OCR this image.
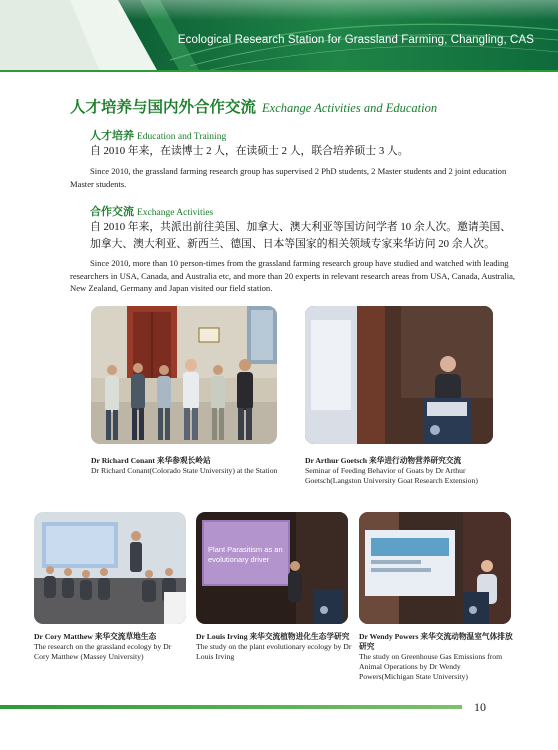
Ecological Research Station for Grassland Farming, Changling, CAS
人才培养与国内外合作交流 Exchange Activities and Education
人才培养 Education and Training
自 2010 年来，在读博士 2 人，在读硕士 2 人，联合培养硕士 3 人。
Since 2010, the grassland farming research group has supervised 2 PhD students, 2 Master students and 2 joint education Master students.
合作交流 Exchange Activities
自 2010 年来，共派出前往美国、加拿大、澳大利亚等国访问学者 10 余人次。邀请美国、加拿大、澳大利亚、新西兰、德国、日本等国家的相关领域专家来华访问 20 余人次。
Since 2010, more than 10 person-times from the grassland farming research group have studied and watched with leading researchers in USA, Canada, and Australia etc, and more than 20 experts in relevant research areas from USA, Canada, Australia, New Zealand, Germany and Japan visited our field station.
Dr Richard Conant 来华参观长岭站
Dr Richard Conant(Colorado State University) at the Station
Dr Arthur Goetsch 来华进行动物营养研究交流
Seminar of Feeding Behavior of Goats by Dr Arthur Goetsch(Langston University Goat Research Extension)
Dr Cory Matthew 来华交流草地生态
The research on the grassland ecology by Dr Cory Matthew (Massey University)
Plant Parasitism as an
evolutionary driver
Dr Louis Irving 来华交流植物进化生态学研究
The study on the plant evolutionary ecology by Dr Louis Irving
Dr Wendy Powers 来华交流动物温室气体排放研究
The study on Greenhouse Gas Emissions from Animal Operations by Dr Wendy Powers(Michigan State University)
10
